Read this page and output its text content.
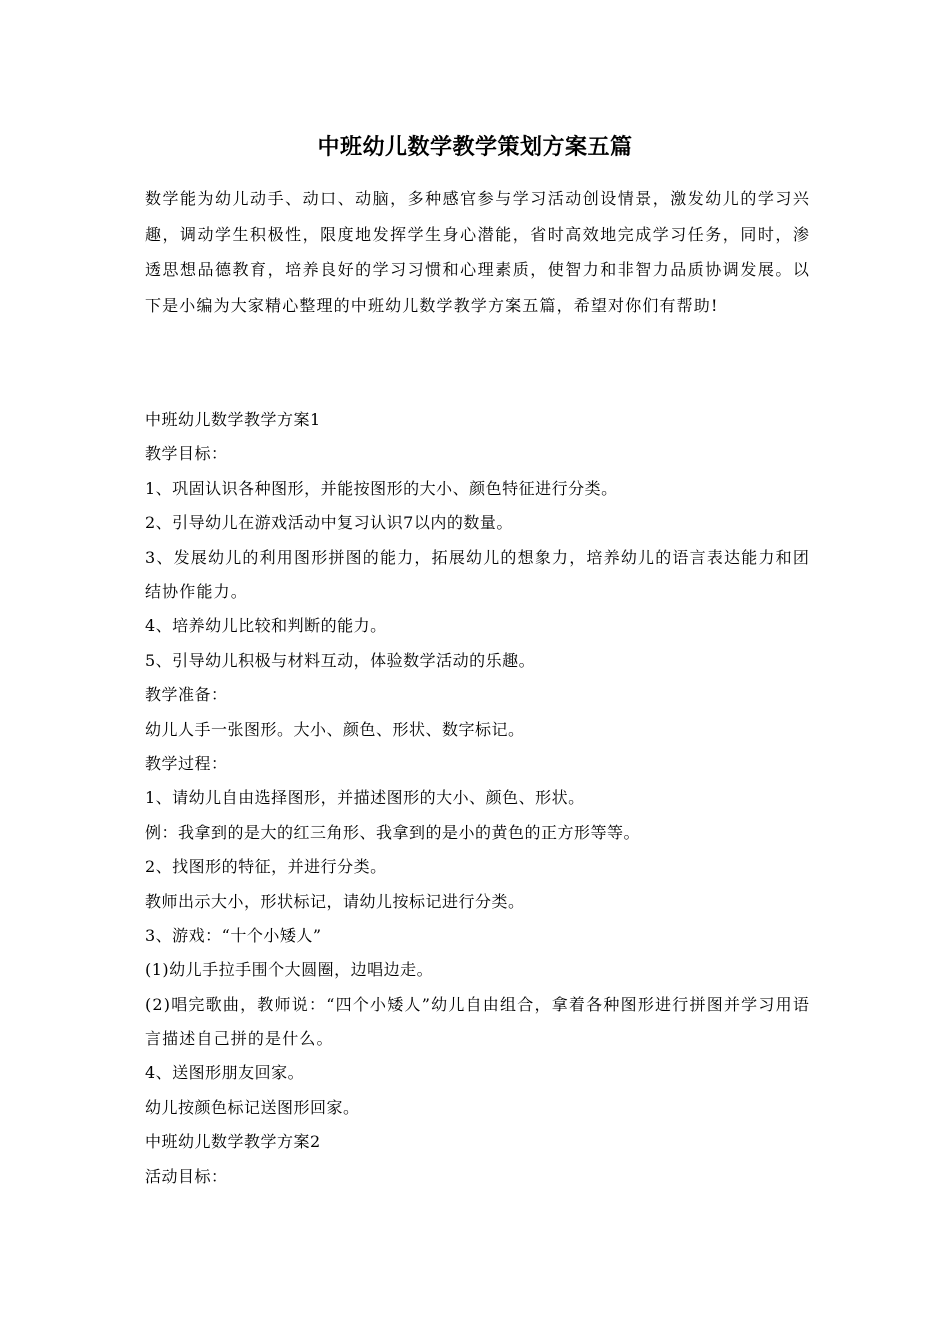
中班幼儿数学教学策划方案五篇
数学能为幼儿动手、动口、动脑，多种感官参与学习活动创设情景，激发幼儿的学习兴趣，调动学生积极性，限度地发挥学生身心潜能，省时高效地完成学习任务，同时，渗透思想品德教育，培养良好的学习习惯和心理素质，使智力和非智力品质协调发展。以下是小编为大家精心整理的中班幼儿数学教学方案五篇，希望对你们有帮助!
中班幼儿数学教学方案1
教学目标：
1、巩固认识各种图形，并能按图形的大小、颜色特征进行分类。
2、引导幼儿在游戏活动中复习认识7以内的数量。
3、发展幼儿的利用图形拼图的能力，拓展幼儿的想象力，培养幼儿的语言表达能力和团结协作能力。
4、培养幼儿比较和判断的能力。
5、引导幼儿积极与材料互动，体验数学活动的乐趣。
教学准备：
幼儿人手一张图形。大小、颜色、形状、数字标记。
教学过程：
1、请幼儿自由选择图形，并描述图形的大小、颜色、形状。
例：我拿到的是大的红三角形、我拿到的是小的黄色的正方形等等。
2、找图形的特征，并进行分类。
教师出示大小，形状标记，请幼儿按标记进行分类。
3、游戏：“十个小矮人”
(1)幼儿手拉手围个大圆圈，边唱边走。
(2)唱完歌曲，教师说：“四个小矮人”幼儿自由组合，拿着各种图形进行拼图并学习用语言描述自己拼的是什么。
4、送图形朋友回家。
幼儿按颜色标记送图形回家。
中班幼儿数学教学方案2
活动目标：
